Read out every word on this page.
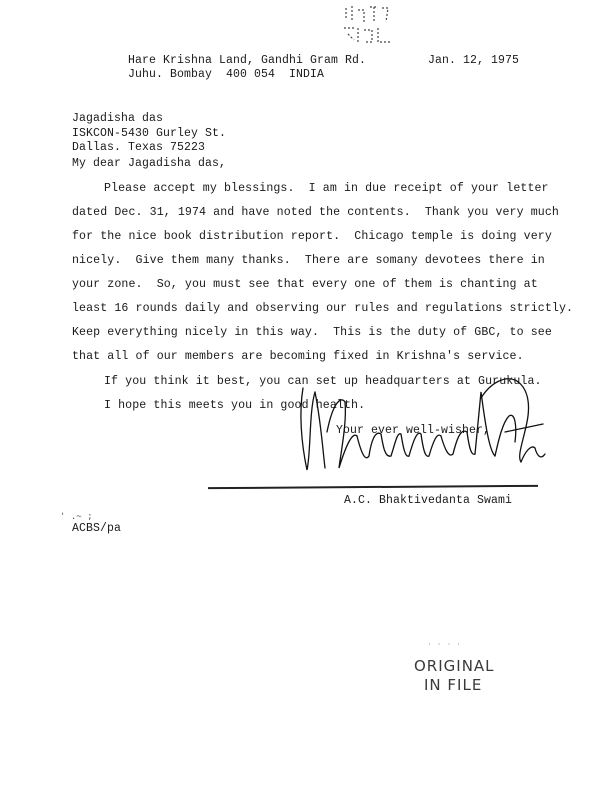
Hare Krishna Land, Gandhi Gram Rd.
Juhu. Bombay  400 054  INDIA
Jan. 12, 1975
Jagadisha das
ISKCON-5430 Gurley St.
Dallas. Texas 75223
My dear Jagadisha das,
Please accept my blessings.  I am in due receipt of your letter
dated Dec. 31, 1974 and have noted the contents.  Thank you very much
for the nice book distribution report.  Chicago temple is doing very
nicely.  Give them many thanks.  There are somany devotees there in
your zone.  So, you must see that every one of them is chanting at
least 16 rounds daily and observing our rules and regulations strictly.
Keep everything nicely in this way.  This is the duty of GBC, to see
that all of our members are becoming fixed in Krishna's service.
If you think it best, you can set up headquarters at Gurukula.
I hope this meets you in good health.
Your ever well-wisher,
A.C. Bhaktivedanta Swami
' .~ ;
ACBS/pa
· · · ·
ORIGINAL
IN FILE
